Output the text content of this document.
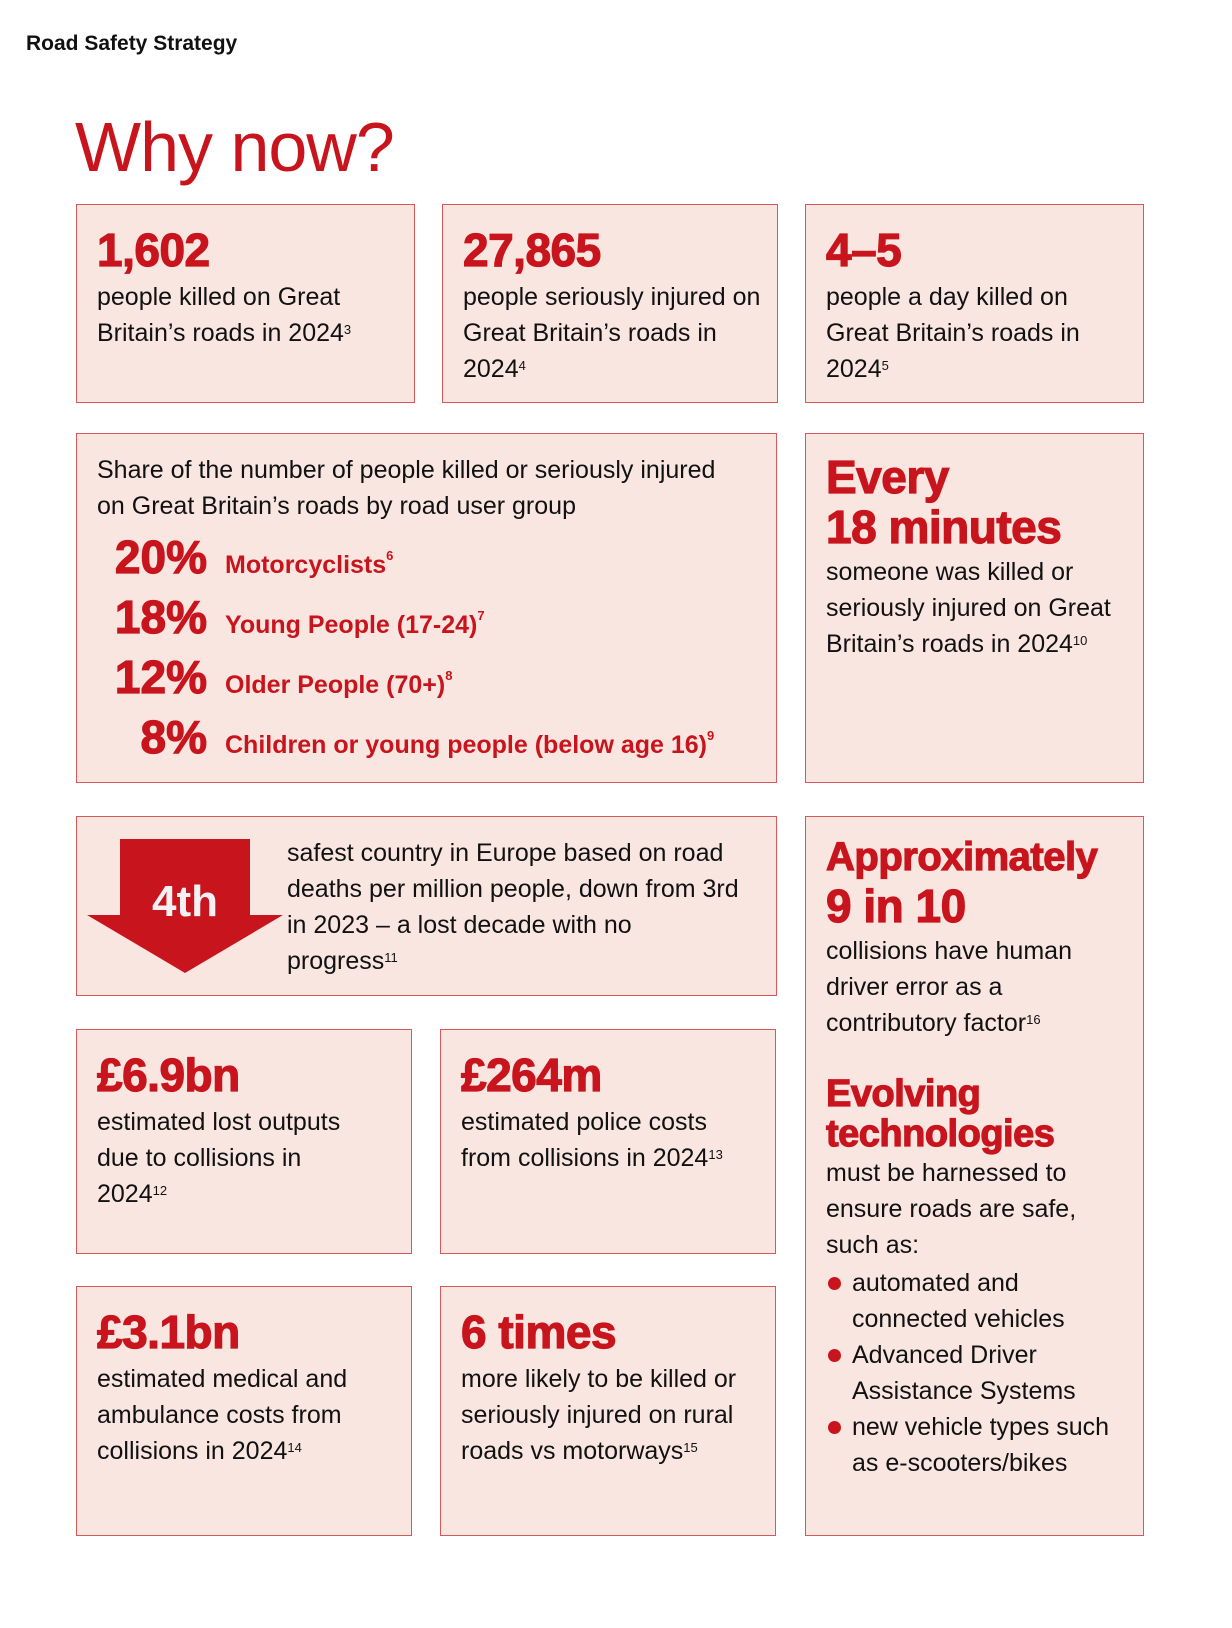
Road Safety Strategy
Why now?
1,602
people killed on Great Britain’s roads in 2024$^3$
27,865
people seriously injured on Great Britain’s roads in 2024$^4$
4–5
people a day killed on Great Britain’s roads in 2024$^5$
Share of the number of people killed or seriously injured on Great Britain’s roads by road user group
20% Motorcyclists$^6$
18% Young People $(17-24)^7$
12% Older People $(70+)^8$
8% Children or young people (below age 16)$^9$
Every
18 minutes
someone was killed or seriously injured on Great Britain’s roads in 2024$^{10}$
4th
safest country in Europe based on road deaths per million people, down from 3rd in 2023 – a lost decade with no progress$^{11}$
Approximately
9 in 10
collisions have human driver error as a contributory factor$^{16}$
Evolving
technologies
must be harnessed to ensure roads are safe, such as:
automated and connected vehicles
Advanced Driver Assistance Systems
new vehicle types such as e-scooters/bikes
£6.9bn
estimated lost outputs due to collisions in 2024$^{12}$
£264m
estimated police costs from collisions in 2024$^{13}$
£3.1bn
estimated medical and ambulance costs from collisions in 2024$^{14}$
6 times
more likely to be killed or seriously injured on rural roads vs motorways$^{15}$
